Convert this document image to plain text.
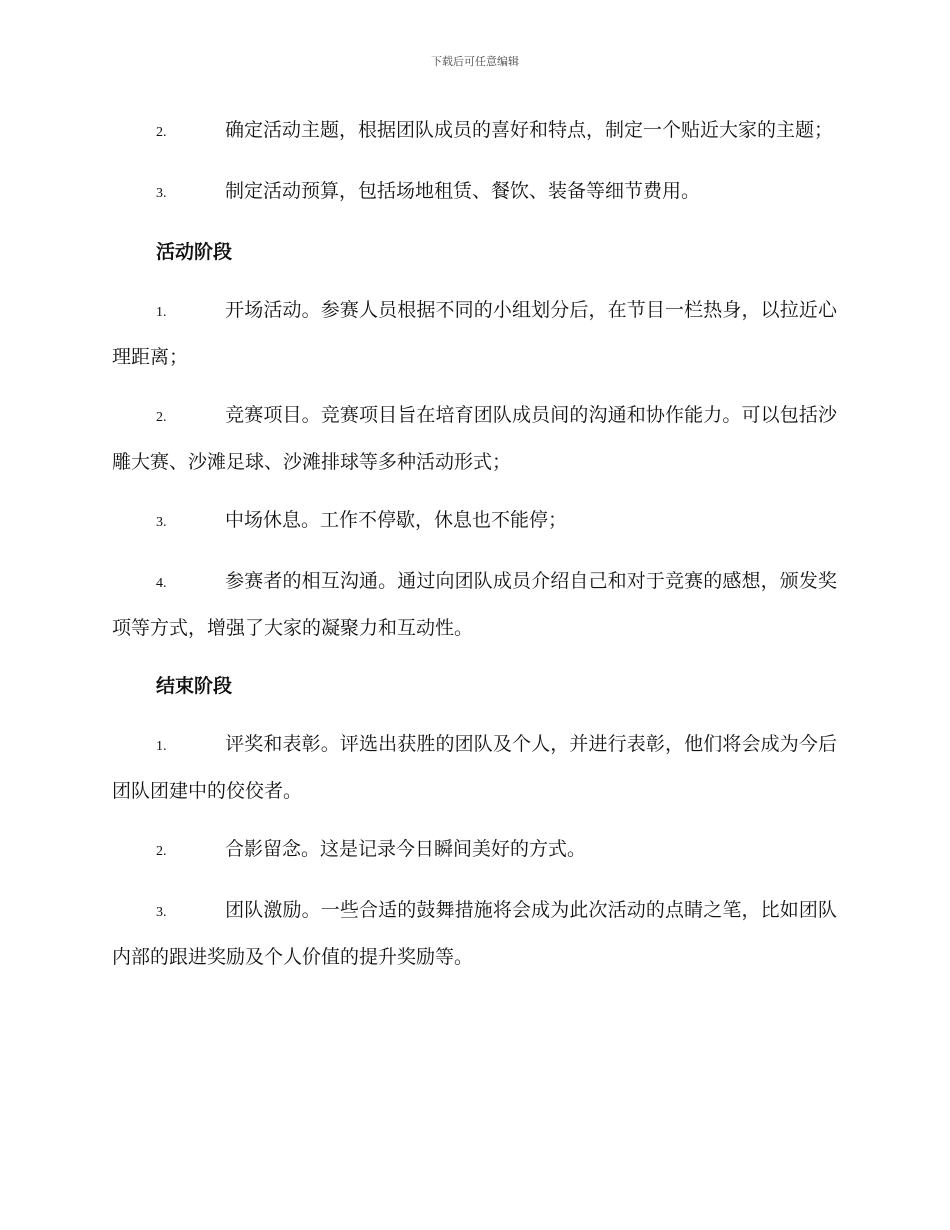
下载后可任意编辑

2.	确定活动主题，根据团队成员的喜好和特点，制定一个贴近大家的主题；

3.	制定活动预算，包括场地租赁、餐饮、装备等细节费用。

活动阶段

1.	开场活动。参赛人员根据不同的小组划分后，在节目一栏热身，以拉近心理距离；

2.	竞赛项目。竞赛项目旨在培育团队成员间的沟通和协作能力。可以包括沙雕大赛、沙滩足球、沙滩排球等多种活动形式；

3.	中场休息。工作不停歇，休息也不能停；

4.	参赛者的相互沟通。通过向团队成员介绍自己和对于竞赛的感想，颁发奖项等方式，增强了大家的凝聚力和互动性。

结束阶段

1.	评奖和表彰。评选出获胜的团队及个人，并进行表彰，他们将会成为今后团队团建中的佼佼者。

2.	合影留念。这是记录今日瞬间美好的方式。

3.	团队激励。一些合适的鼓舞措施将会成为此次活动的点睛之笔，比如团队内部的跟进奖励及个人价值的提升奖励等。
